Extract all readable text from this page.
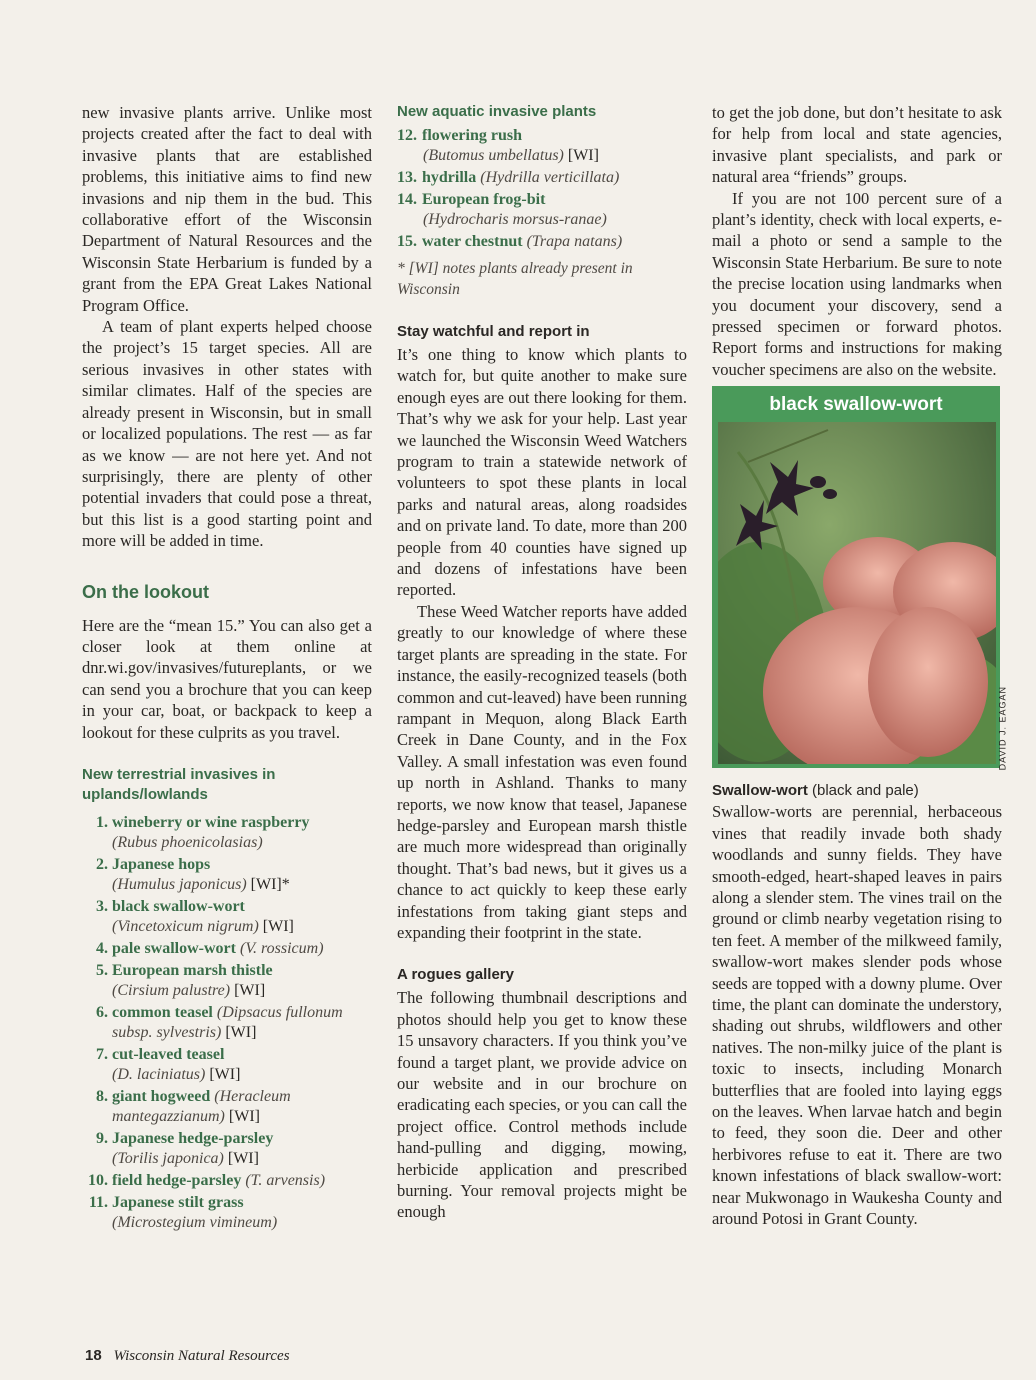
new invasive plants arrive. Unlike most projects created after the fact to deal with invasive plants that are established problems, this initiative aims to find new invasions and nip them in the bud. This collaborative effort of the Wisconsin Department of Natural Resources and the Wisconsin State Herbarium is funded by a grant from the EPA Great Lakes National Program Office.

A team of plant experts helped choose the project’s 15 target species. All are serious invasives in other states with similar climates. Half of the species are already present in Wisconsin, but in small or localized populations. The rest — as far as we know — are not here yet. And not surprisingly, there are plenty of other potential invaders that could pose a threat, but this list is a good starting point and more will be added in time.

On the lookout

Here are the “mean 15.” You can also get a closer look at them online at dnr.wi.gov/invasives/futureplants, or we can send you a brochure that you can keep in your car, boat, or backpack to keep a lookout for these culprits as you travel.

New terrestrial invasives in uplands/lowlands
1. wineberry or wine raspberry
(Rubus phoenicolasias)
2. Japanese hops
(Humulus japonicus) [WI]*
3. black swallow-wort
(Vincetoxicum nigrum) [WI]
4. pale swallow-wort (V. rossicum)
5. European marsh thistle
(Cirsium palustre) [WI]
6. common teasel (Dipsacus fullonum subsp. sylvestris) [WI]
7. cut-leaved teasel
(D. laciniatus) [WI]
8. giant hogweed (Heracleum mantegazzianum) [WI]
9. Japanese hedge-parsley
(Torilis japonica) [WI]
10. field hedge-parsley (T. arvensis)
11. Japanese stilt grass
(Microstegium vimineum)
New aquatic invasive plants
12. flowering rush
(Butomus umbellatus) [WI]
13. hydrilla (Hydrilla verticillata)
14. European frog-bit
(Hydrocharis morsus-ranae)
15. water chestnut (Trapa natans)

* [WI] notes plants already present in Wisconsin

Stay watchful and report in

It’s one thing to know which plants to watch for, but quite another to make sure enough eyes are out there looking for them. That’s why we ask for your help. Last year we launched the Wisconsin Weed Watchers program to train a statewide network of volunteers to spot these plants in local parks and natural areas, along roadsides and on private land. To date, more than 200 people from 40 counties have signed up and dozens of infestations have been reported.

These Weed Watcher reports have added greatly to our knowledge of where these target plants are spreading in the state. For instance, the easily-recognized teasels (both common and cut-leaved) have been running rampant in Mequon, along Black Earth Creek in Dane County, and in the Fox Valley. A small infestation was even found up north in Ashland. Thanks to many reports, we now know that teasel, Japanese hedge-parsley and European marsh thistle are much more widespread than originally thought. That’s bad news, but it gives us a chance to act quickly to keep these early infestations from taking giant steps and expanding their footprint in the state.

A rogues gallery

The following thumbnail descriptions and photos should help you get to know these 15 unsavory characters. If you think you’ve found a target plant, we provide advice on our website and in our brochure on eradicating each species, or you can call the project office. Control methods include hand-pulling and digging, mowing, herbicide application and prescribed burning. Your removal projects might be enough

to get the job done, but don’t hesitate to ask for help from local and state agencies, invasive plant specialists, and park or natural area “friends” groups.

If you are not 100 percent sure of a plant’s identity, check with local experts, e-mail a photo or send a sample to the Wisconsin State Herbarium. Be sure to note the precise location using landmarks when you document your discovery, send a pressed specimen or forward photos. Report forms and instructions for making voucher specimens are also on the website.

black swallow-wort
DAVID J. EAGAN
Swallow-wort (black and pale)

Swallow-worts are perennial, herbaceous vines that readily invade both shady woodlands and sunny fields. They have smooth-edged, heart-shaped leaves in pairs along a slender stem. The vines trail on the ground or climb nearby vegetation rising to ten feet. A member of the milkweed family, swallow-wort makes slender pods whose seeds are topped with a downy plume. Over time, the plant can dominate the understory, shading out shrubs, wildflowers and other natives. The non-milky juice of the plant is toxic to insects, including Monarch butterflies that are fooled into laying eggs on the leaves. When larvae hatch and begin to feed, they soon die. Deer and other herbivores refuse to eat it. There are two known infestations of black swallow-wort: near Mukwonago in Waukesha County and around Potosi in Grant County.

18 Wisconsin Natural Resources
